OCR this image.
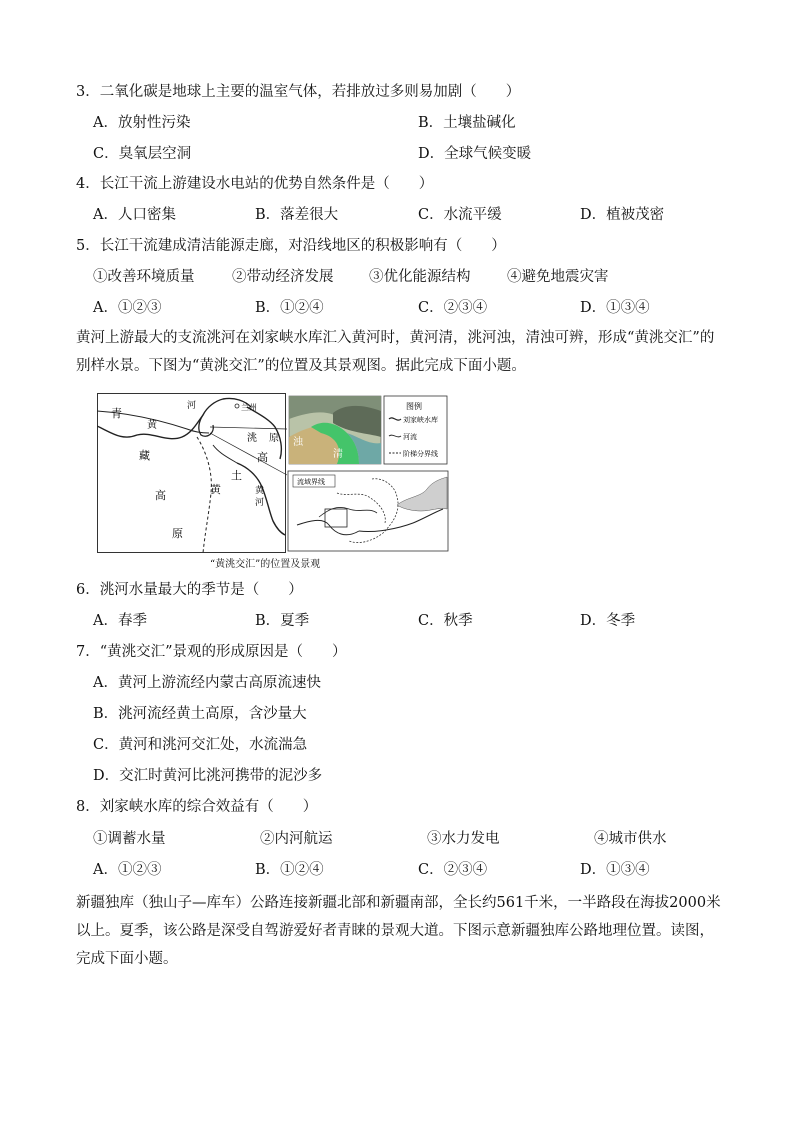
3．二氧化碳是地球上主要的温室气体，若排放过多则易加剧（　　）
A．放射性污染	B．土壤盐碱化
C．臭氧层空洞	D．全球气候变暖
4．长江干流上游建设水电站的优势自然条件是（　　）
A．人口密集	B．落差很大	C．水流平缓	D．植被茂密
5．长江干流建成清洁能源走廊，对沿线地区的积极影响有（　　）
①改善环境质量	②带动经济发展 ③优化能源结构	④避免地震灾害
A．①②③	B．①②④	C．②③④	D．①③④
黄河上游最大的支流洮河在刘家峡水库汇入黄河时，黄河清，洮河浊，清浊可辨，形成“黄洮交汇”的别样水景。下图为“黄洮交汇”的位置及其景观图。据此完成下面小题。
青
黄
河	兰州
藏
高
原
洮 原
高
土
黄
河
黄
浊
清
图例
刘家峡水库
河流
阶梯分界线
流域界线
“黄洮交汇”的位置及景观
6．洮河水量最大的季节是（　　）
A．春季	B．夏季	C．秋季	D．冬季
7．“黄洮交汇”景观的形成原因是（　　）
A．黄河上游流经内蒙古高原流速快
B．洮河流经黄土高原，含沙量大
C．黄河和洮河交汇处，水流湍急
D．交汇时黄河比洮河携带的泥沙多
8．刘家峡水库的综合效益有（　　）
①调蓄水量	②内河航运	③水力发电	④城市供水
A．①②③	B．①②④	C．②③④	D．①③④
新疆独库（独山子—库车）公路连接新疆北部和新疆南部，全长约561千米，一半路段在海拔2000米以上。夏季，该公路是深受自驾游爱好者青睐的景观大道。下图示意新疆独库公路地理位置。读图，完成下面小题。
